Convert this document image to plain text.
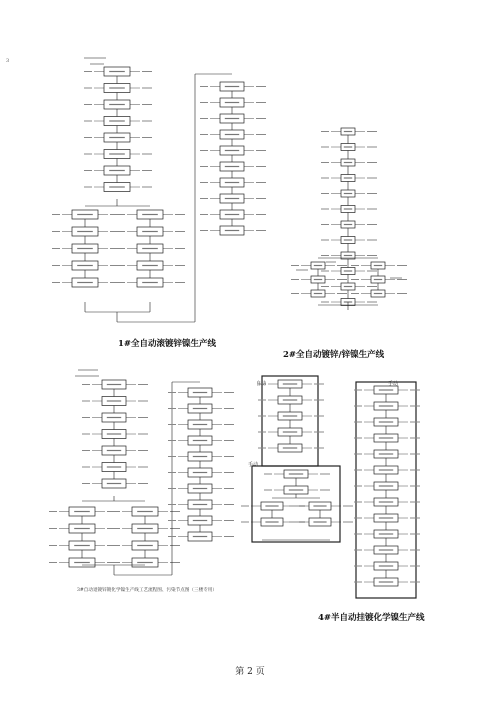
3
1#全自动滚镀锌镍生产线
2#全自动镀锌/锌镍生产线
3#自动退镀锌镀化学镍生产线工艺流程图、污染节点图（三楼专用）
4#半自动挂镀化学镍生产线
自动
手动
手动
第 2 页
